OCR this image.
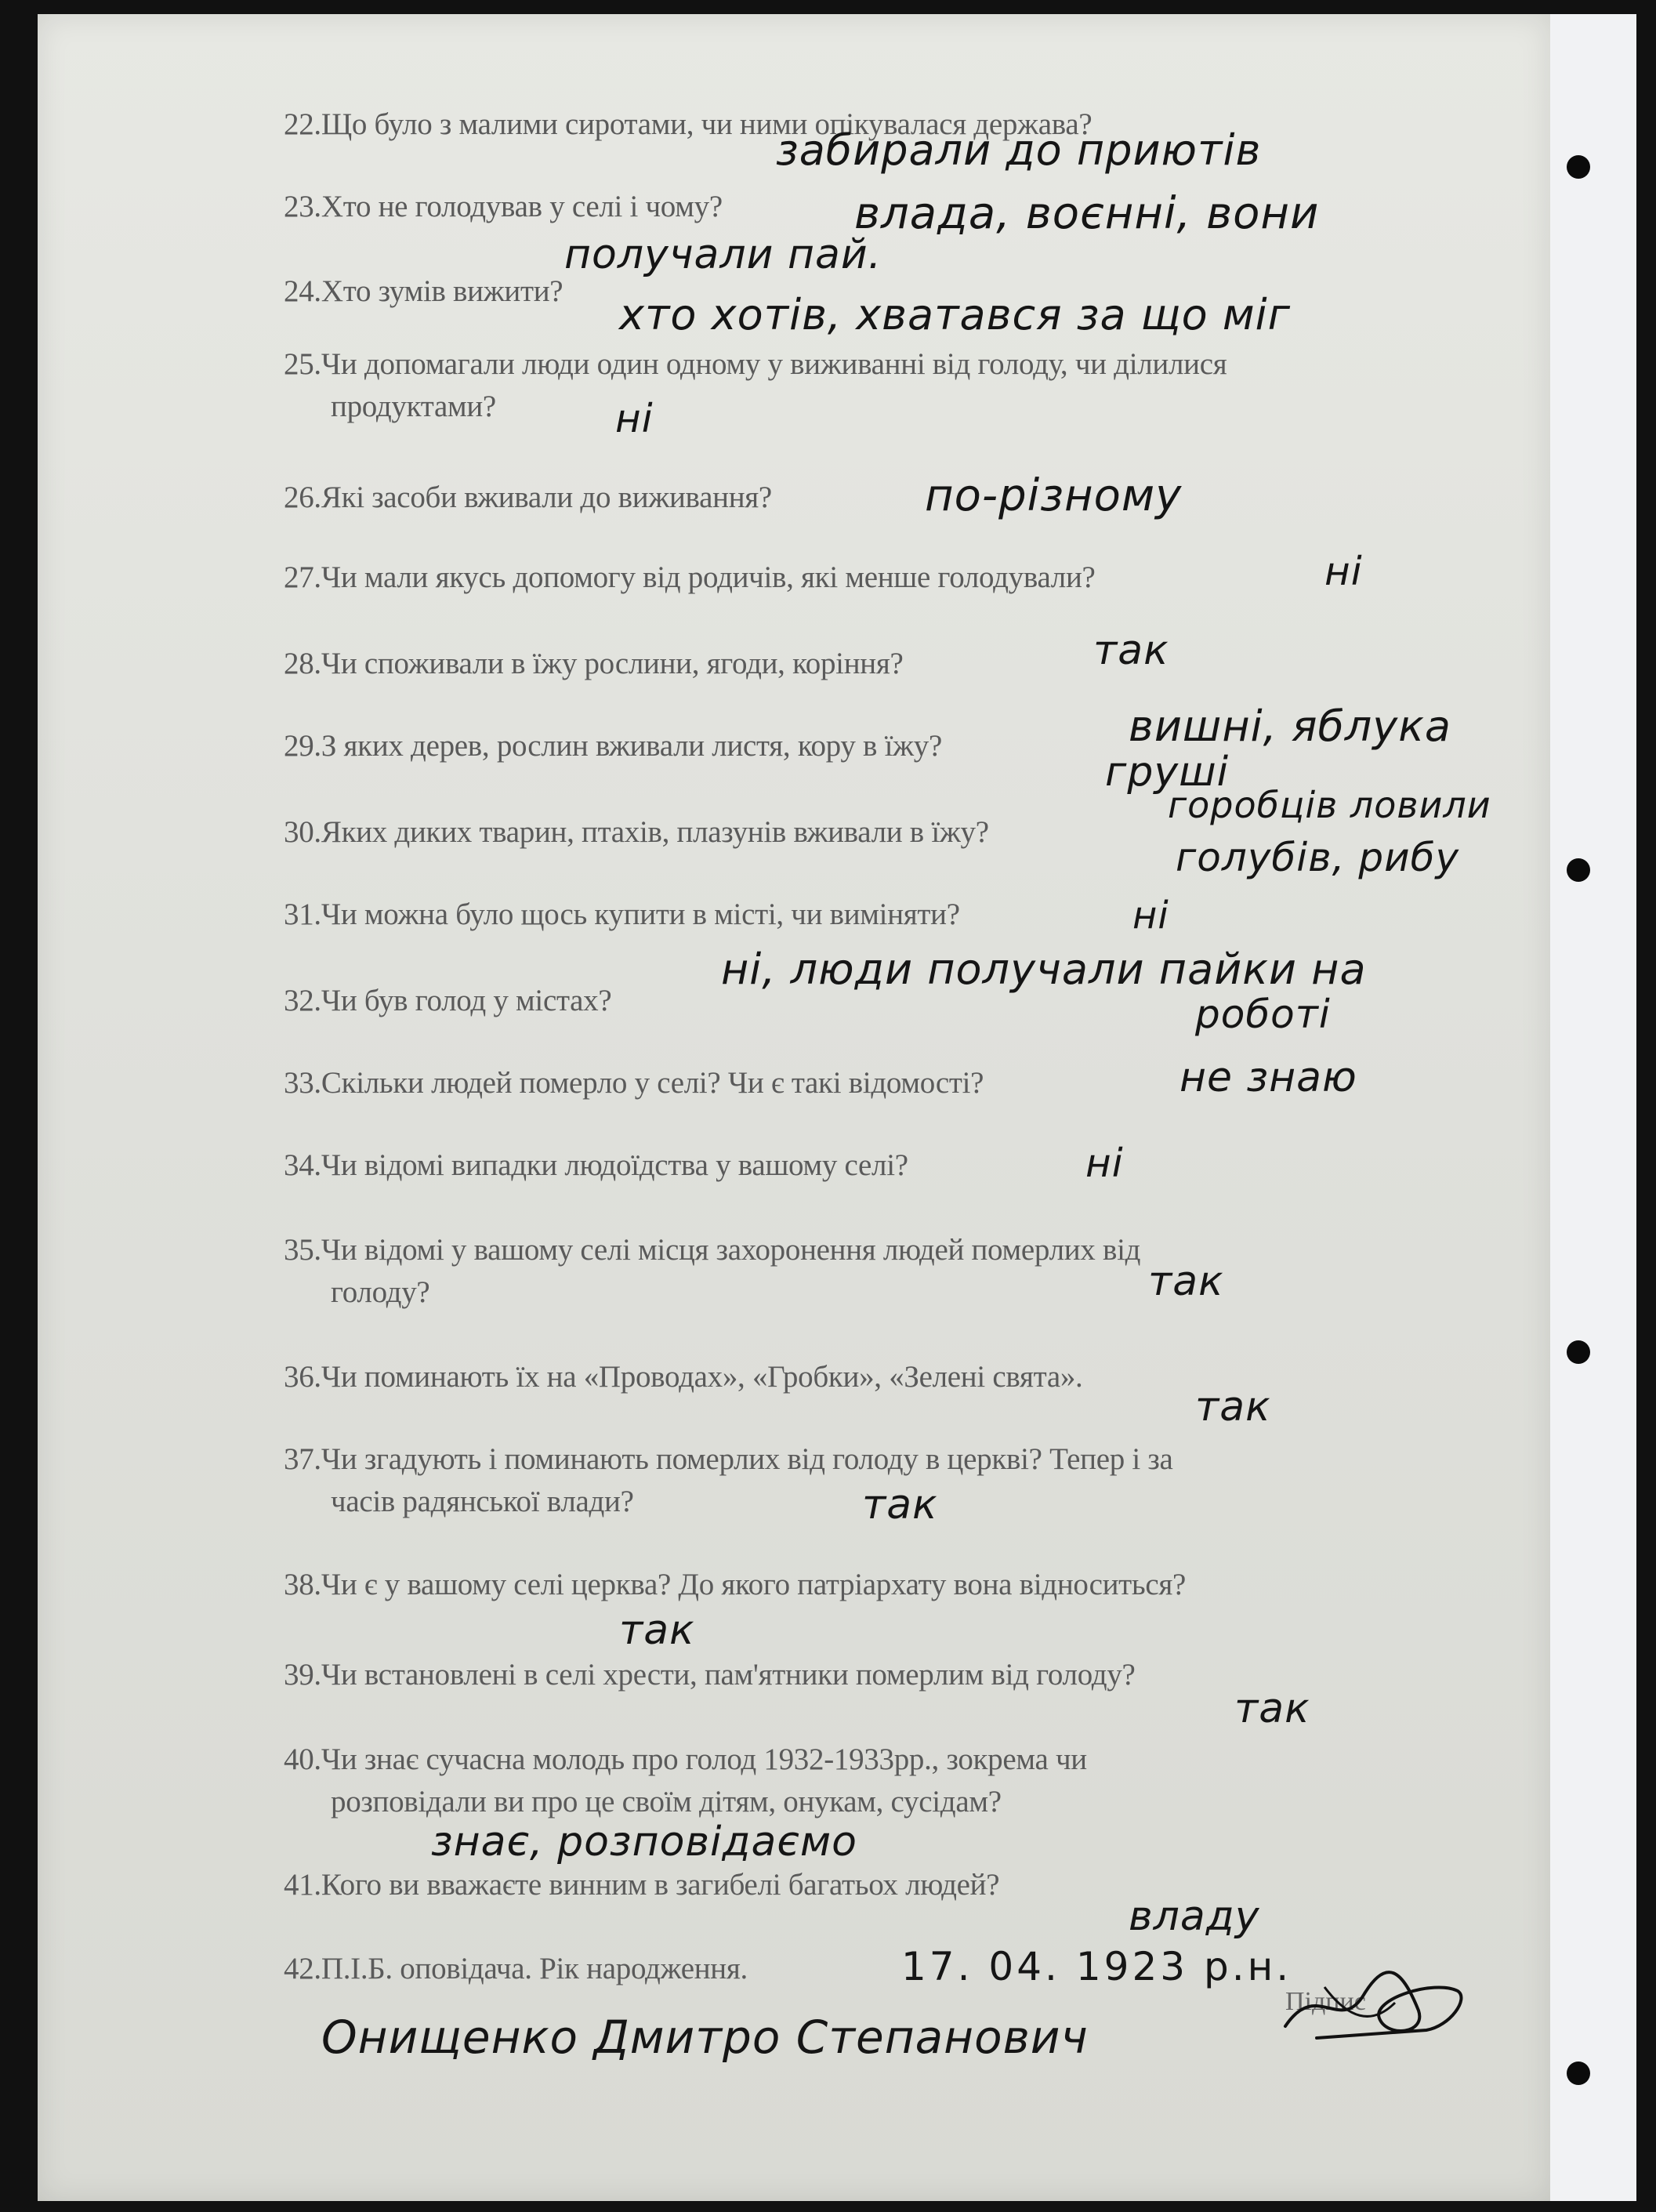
22.Що було з малими сиротами, чи ними опікувалася держава?
23.Хто не голодував у селі і чому?
24.Хто зумів вижити?
25.Чи допомагали люди один одному у виживанні від голоду, чи ділилися
продуктами?
26.Які засоби вживали до виживання?
27.Чи мали якусь допомогу від родичів, які менше голодували?
28.Чи споживали в їжу рослини, ягоди, коріння?
29.З яких дерев, рослин вживали листя, кору в їжу?
30.Яких диких тварин, птахів, плазунів вживали в їжу?
31.Чи можна було щось купити в місті, чи виміняти?
32.Чи був голод у містах?
33.Скільки людей померло у селі? Чи є такі відомості?
34.Чи відомі випадки людоїдства у вашому селі?
35.Чи відомі у вашому селі місця захоронення людей померлих від
голоду?
36.Чи поминають їх на «Проводах», «Гробки», «Зелені свята».
37.Чи згадують і поминають померлих від голоду в церкві? Тепер і за
часів радянської влади?
38.Чи є у вашому селі церква? До якого патріархату вона відноситься?
39.Чи встановлені в селі хрести, пам'ятники померлим від голоду?
40.Чи знає сучасна молодь про голод 1932-1933рр., зокрема чи
розповідали ви про це своїм дітям, онукам, сусідам?
41.Кого ви вважаєте винним в загибелі багатьох людей?
42.П.І.Б. оповідача. Рік народження.
забирали до приютів
влада, воєнні, вони
получали пай.
хто хотів, хватався за що міг
ні
по-різному
ні
так
вишні, яблука
груші
горобців ловили
голубів, рибу
ні
ні, люди получали пайки на
роботі
не знаю
ні
так
так
так
так
так
знає, розповідаємо
владу
17. 04. 1923 р.н.
Онищенко Дмитро Степанович
Підпис
